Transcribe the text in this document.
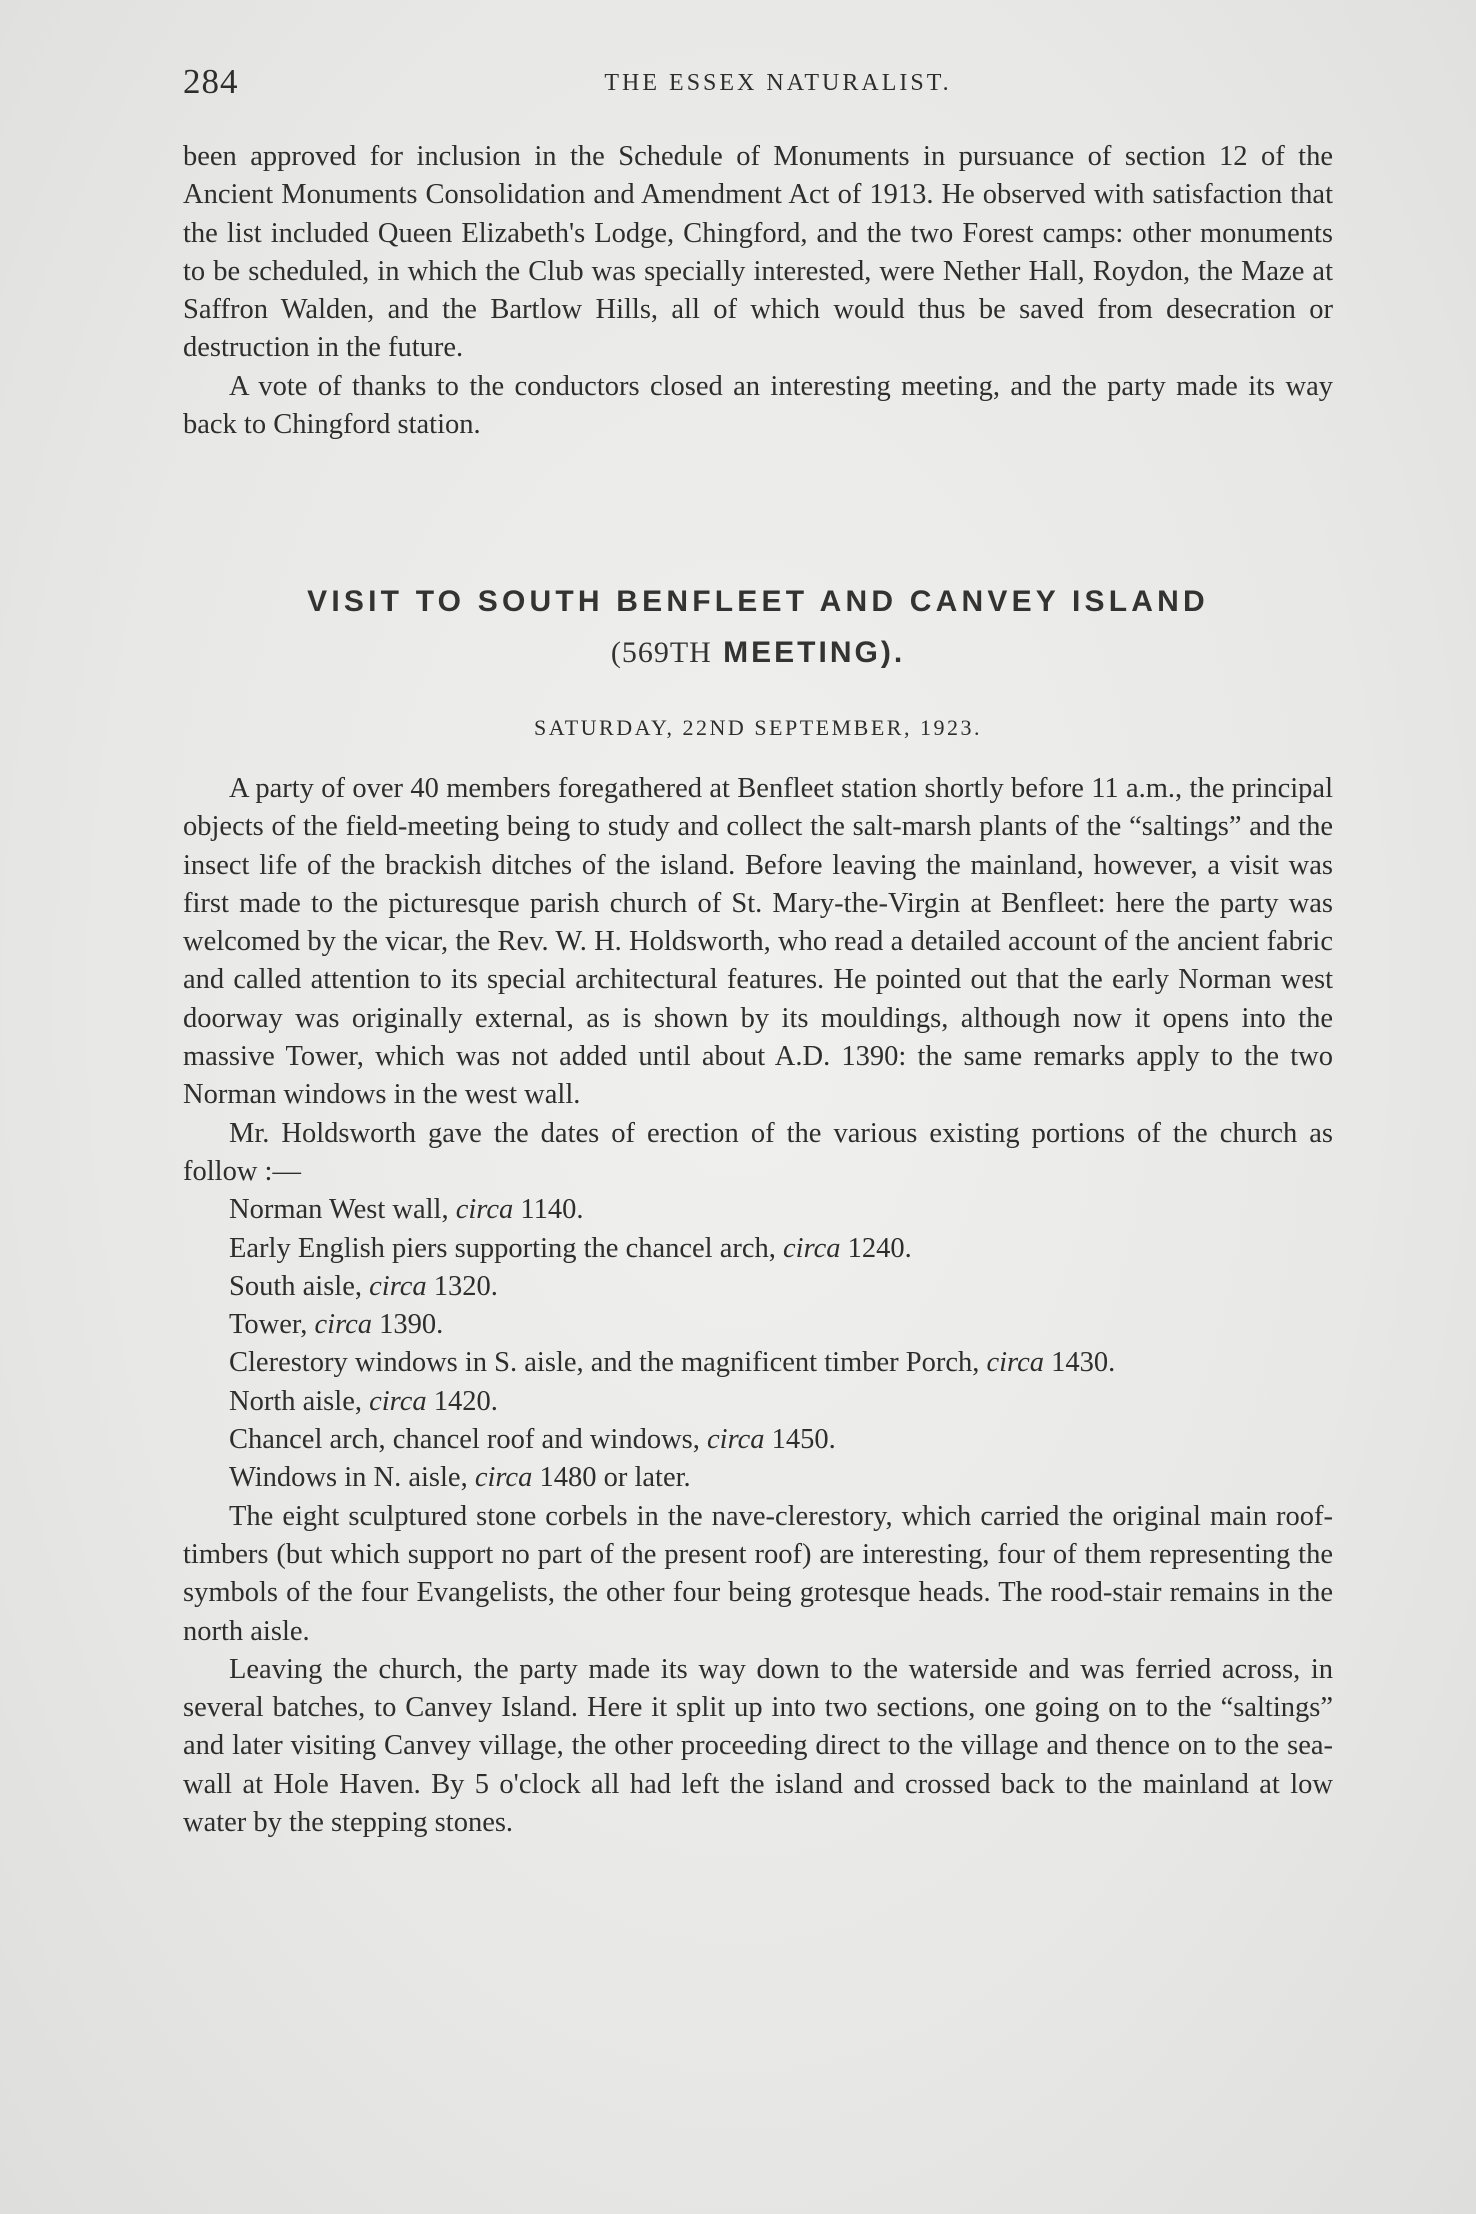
284	THE ESSEX NATURALIST.

been approved for inclusion in the Schedule of Monuments in pursuance of section 12 of the Ancient Monuments Consolidation and Amendment Act of 1913. He observed with satisfaction that the list included Queen Elizabeth's Lodge, Chingford, and the two Forest camps: other monuments to be scheduled, in which the Club was specially interested, were Nether Hall, Roydon, the Maze at Saffron Walden, and the Bartlow Hills, all of which would thus be saved from desecration or destruction in the future.

A vote of thanks to the conductors closed an interesting meeting, and the party made its way back to Chingford station.

VISIT TO SOUTH BENFLEET AND CANVEY ISLAND
(569TH MEETING).
SATURDAY, 22ND SEPTEMBER, 1923.

A party of over 40 members foregathered at Benfleet station shortly before 11 a.m., the principal objects of the field-meeting being to study and collect the salt-marsh plants of the “saltings” and the insect life of the brackish ditches of the island. Before leaving the mainland, however, a visit was first made to the picturesque parish church of St. Mary-the-Virgin at Benfleet: here the party was welcomed by the vicar, the Rev. W. H. Holdsworth, who read a detailed account of the ancient fabric and called attention to its special architectural features. He pointed out that the early Norman west doorway was originally external, as is shown by its mouldings, although now it opens into the massive Tower, which was not added until about A.D. 1390: the same remarks apply to the two Norman windows in the west wall.

Mr. Holdsworth gave the dates of erection of the various existing portions of the church as follow :—

Norman West wall, circa 1140.

Early English piers supporting the chancel arch, circa 1240.

South aisle, circa 1320.

Tower, circa 1390.

Clerestory windows in S. aisle, and the magnificent timber Porch, circa 1430.

North aisle, circa 1420.

Chancel arch, chancel roof and windows, circa 1450.

Windows in N. aisle, circa 1480 or later.

The eight sculptured stone corbels in the nave-clerestory, which carried the original main roof-timbers (but which support no part of the present roof) are interesting, four of them representing the symbols of the four Evangelists, the other four being grotesque heads. The rood-stair remains in the north aisle.

Leaving the church, the party made its way down to the waterside and was ferried across, in several batches, to Canvey Island. Here it split up into two sections, one going on to the “saltings” and later visiting Canvey village, the other proceeding direct to the village and thence on to the sea-wall at Hole Haven. By 5 o'clock all had left the island and crossed back to the mainland at low water by the stepping stones.
